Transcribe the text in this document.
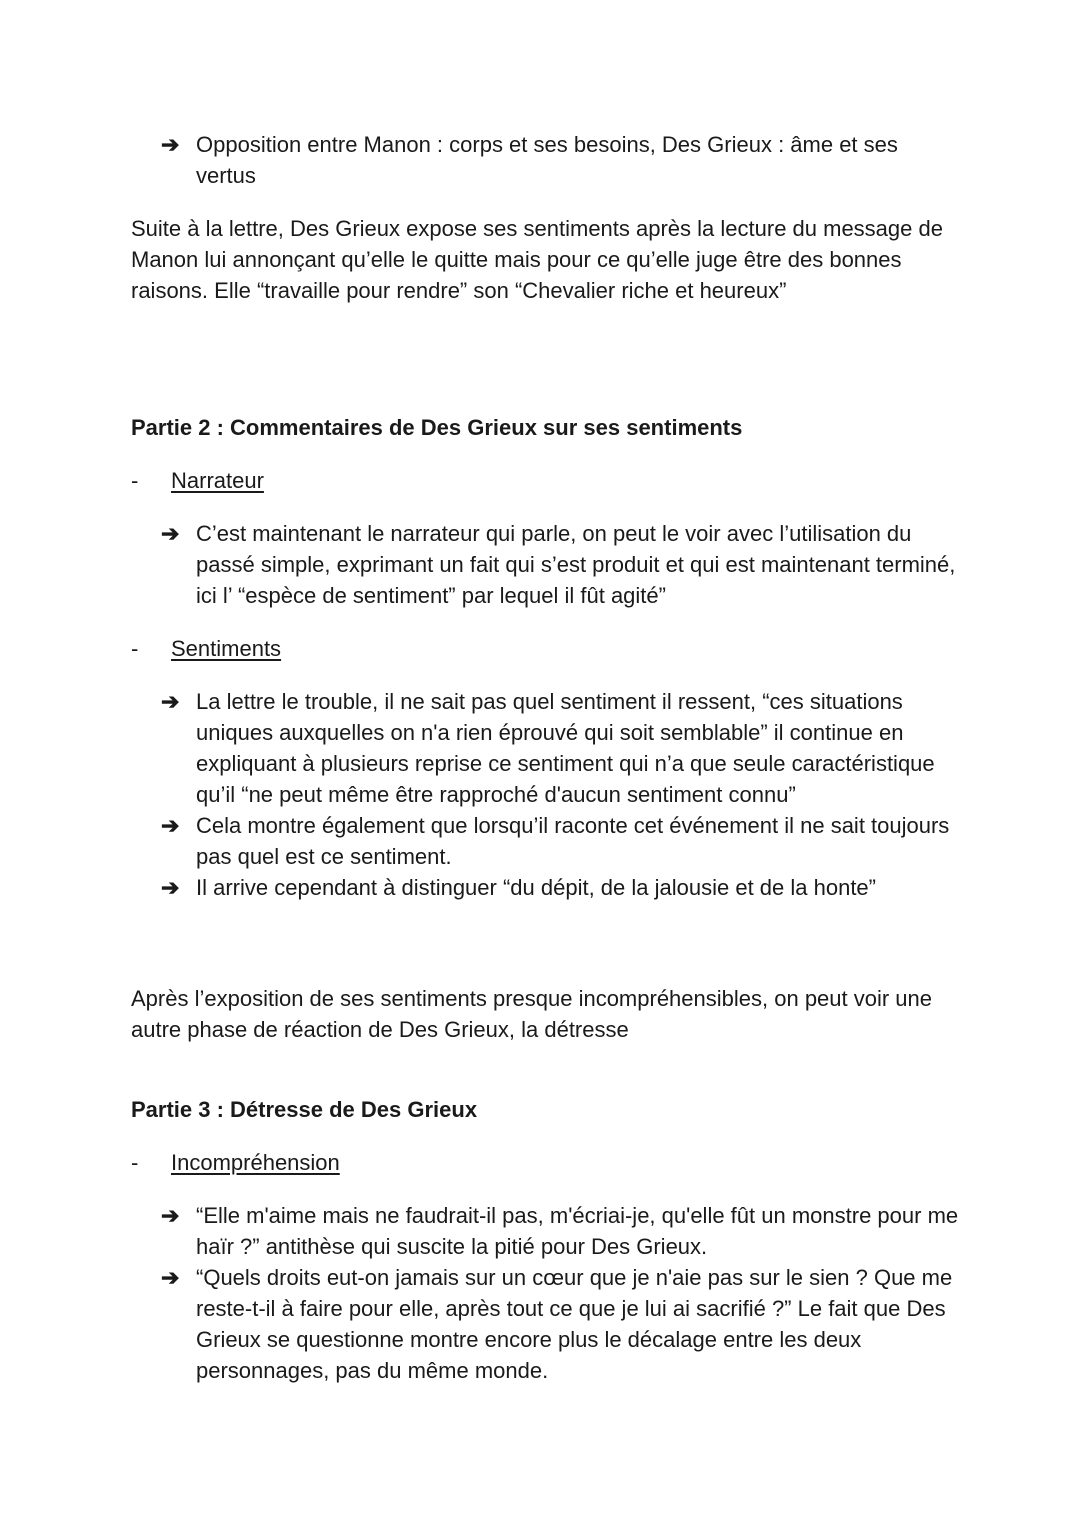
➔ Opposition entre Manon : corps et ses besoins, Des Grieux : âme et ses vertus
Suite à la lettre, Des Grieux expose ses sentiments après la lecture du message de Manon lui annonçant qu’elle le quitte mais pour ce qu’elle juge être des bonnes raisons. Elle “travaille pour rendre” son “Chevalier riche et heureux”
Partie 2 : Commentaires de Des Grieux sur ses sentiments
- Narrateur
➔ C’est maintenant le narrateur qui parle, on peut le voir avec l’utilisation du passé simple, exprimant un fait qui s’est produit et qui est maintenant terminé, ici l’ “espèce de sentiment” par lequel il fût agité”
- Sentiments
➔ La lettre le trouble, il ne sait pas quel sentiment il ressent, “ces situations uniques auxquelles on n'a rien éprouvé qui soit semblable” il continue en expliquant à plusieurs reprise ce sentiment qui n’a que seule caractéristique qu’il “ne peut même être rapproché d'aucun sentiment connu”
➔ Cela montre également que lorsqu’il raconte cet événement il ne sait toujours pas quel est ce sentiment.
➔ Il arrive cependant à distinguer “du dépit, de la jalousie et de la honte”
Après l’exposition de ses sentiments presque incompréhensibles, on peut voir une autre phase de réaction de Des Grieux, la détresse
Partie 3 : Détresse de Des Grieux
- Incompréhension
➔ “Elle m'aime mais ne faudrait-il pas, m'écriai-je, qu'elle fût un monstre pour me haïr ?” antithèse qui suscite la pitié pour Des Grieux.
➔ “Quels droits eut-on jamais sur un cœur que je n'aie pas sur le sien ? Que me reste-t-il à faire pour elle, après tout ce que je lui ai sacrifié ?” Le fait que Des Grieux se questionne montre encore plus le décalage entre les deux personnages, pas du même monde.
